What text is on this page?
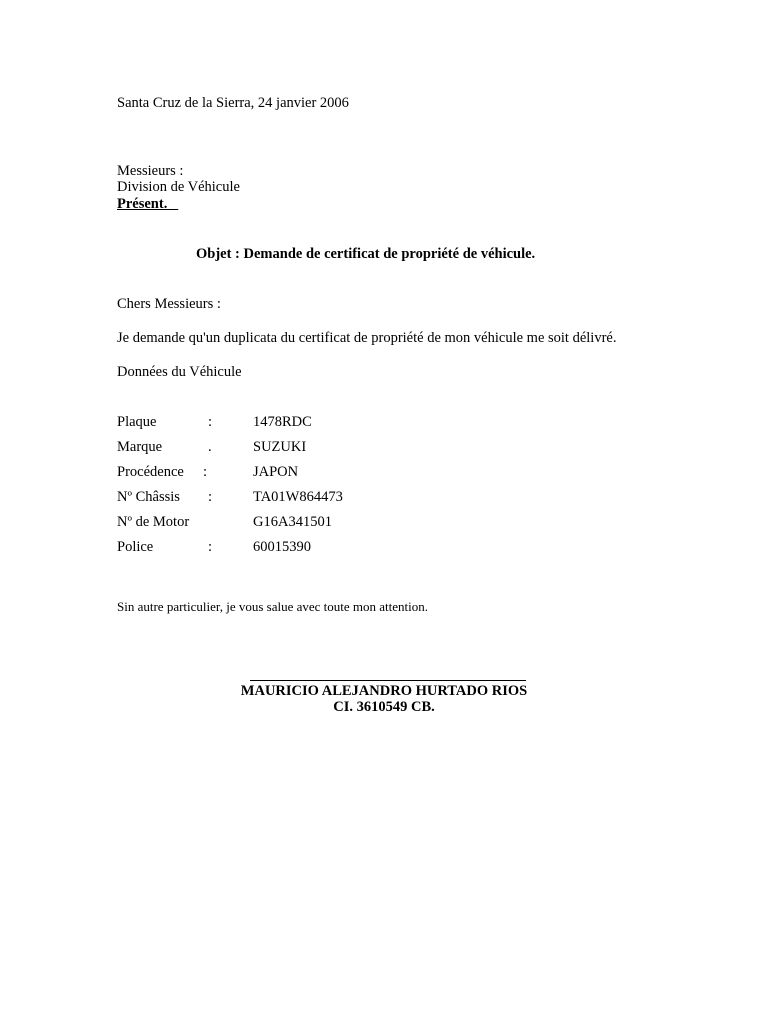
Santa Cruz de la Sierra, 24 janvier 2006
Messieurs :
Division de Véhicule
Présent.
Objet : Demande de certificat de propriété de véhicule.
Chers Messieurs :
Je demande qu'un duplicata du certificat de propriété de mon véhicule me soit délivré.
Données du Véhicule
Plaque	:	1478RDC
Marque	.	SUZUKI
Procédence :	JAPON
Nº Châssis :	TA01W864473
Nº de Motor	G16A341501
Police	:	60015390
Sin autre particulier, je vous salue avec toute mon attention.
MAURICIO ALEJANDRO HURTADO RIOS
CI. 3610549 CB.
